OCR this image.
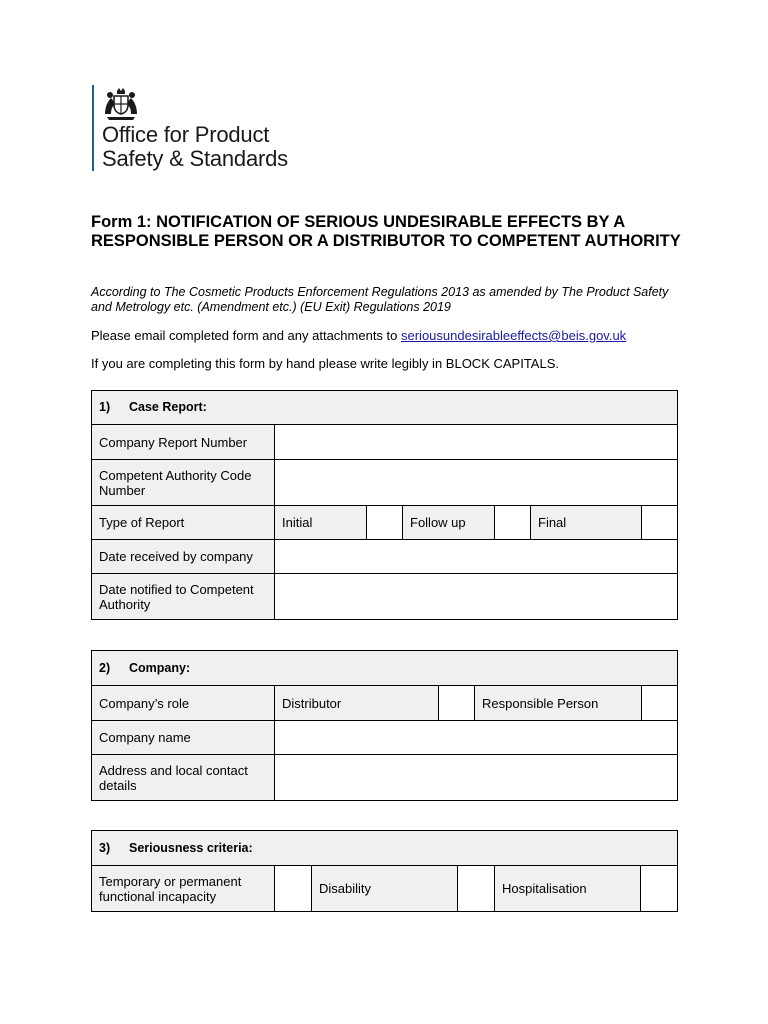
Office for Product
Safety & Standards
Form 1: NOTIFICATION OF SERIOUS UNDESIRABLE EFFECTS BY A RESPONSIBLE PERSON OR A DISTRIBUTOR TO COMPETENT AUTHORITY
According to The Cosmetic Products Enforcement Regulations 2013 as amended by The Product Safety and Metrology etc. (Amendment etc.) (EU Exit) Regulations 2019
Please email completed form and any attachments to seriousundesirableeffects@beis.gov.uk
If you are completing this form by hand please write legibly in BLOCK CAPITALS.
1) Case Report:						
Company Report Number						
Competent Authority Code Number						
Type of Report	Initial		Follow up		Final	
Date received by company						
Date notified to Competent Authority						
2) Company:				
Company’s role	Distributor		Responsible Person	
Company name				
Address and local contact details				
3) Seriousness criteria:
Temporary or permanent functional incapacity		Disability		Hospitalisation	
